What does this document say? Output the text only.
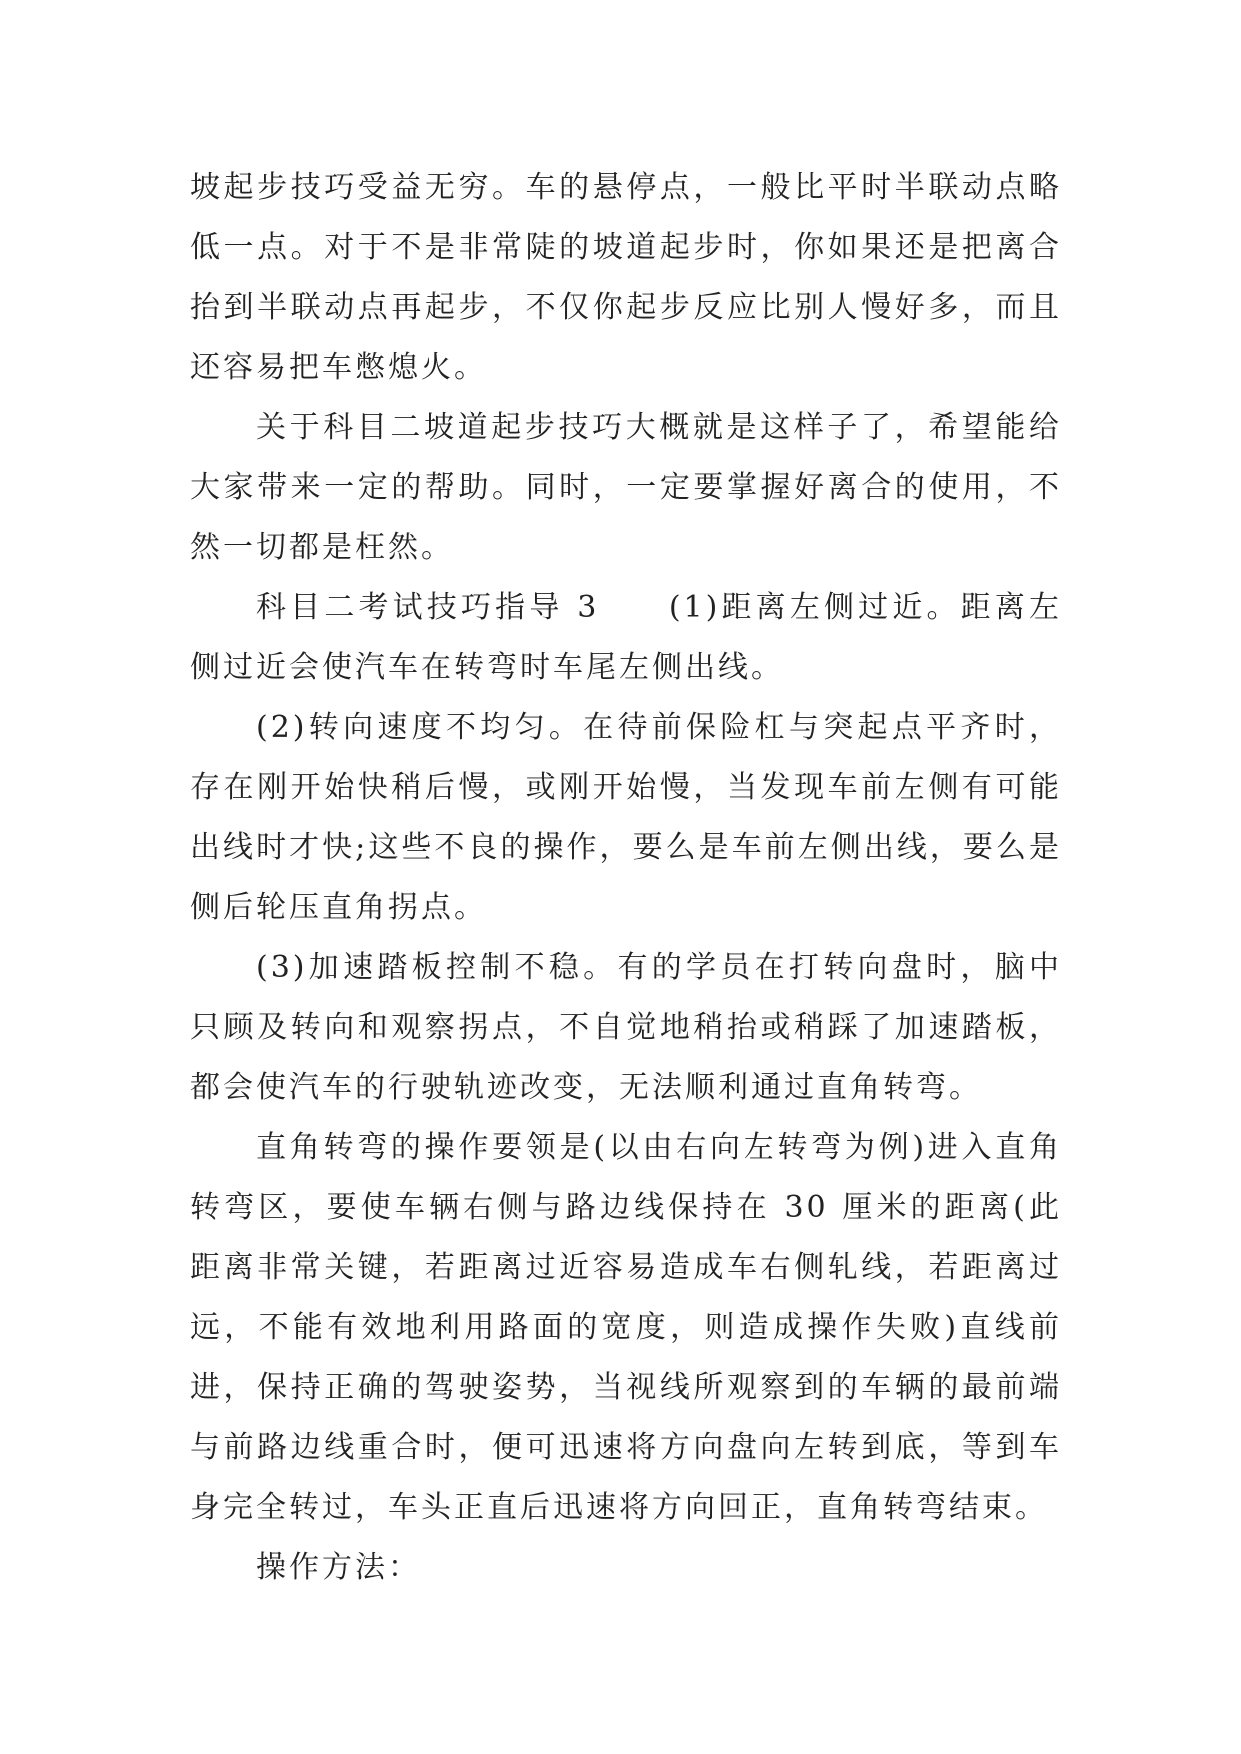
坡起步技巧受益无穷。车的悬停点，一般比平时半联动点略低一点。对于不是非常陡的坡道起步时，你如果还是把离合抬到半联动点再起步，不仅你起步反应比别人慢好多，而且还容易把车憋熄火。

关于科目二坡道起步技巧大概就是这样子了，希望能给大家带来一定的帮助。同时，一定要掌握好离合的使用，不然一切都是枉然。

科目二考试技巧指导 3　　(1)距离左侧过近。距离左侧过近会使汽车在转弯时车尾左侧出线。

(2)转向速度不均匀。在待前保险杠与突起点平齐时，存在刚开始快稍后慢，或刚开始慢，当发现车前左侧有可能出线时才快;这些不良的操作，要么是车前左侧出线，要么是侧后轮压直角拐点。

(3)加速踏板控制不稳。有的学员在打转向盘时，脑中只顾及转向和观察拐点，不自觉地稍抬或稍踩了加速踏板，都会使汽车的行驶轨迹改变，无法顺利通过直角转弯。

直角转弯的操作要领是(以由右向左转弯为例)进入直角转弯区，要使车辆右侧与路边线保持在 30 厘米的距离(此距离非常关键，若距离过近容易造成车右侧轧线，若距离过远，不能有效地利用路面的宽度，则造成操作失败)直线前进，保持正确的驾驶姿势，当视线所观察到的车辆的最前端与前路边线重合时，便可迅速将方向盘向左转到底，等到车身完全转过，车头正直后迅速将方向回正，直角转弯结束。

操作方法：
